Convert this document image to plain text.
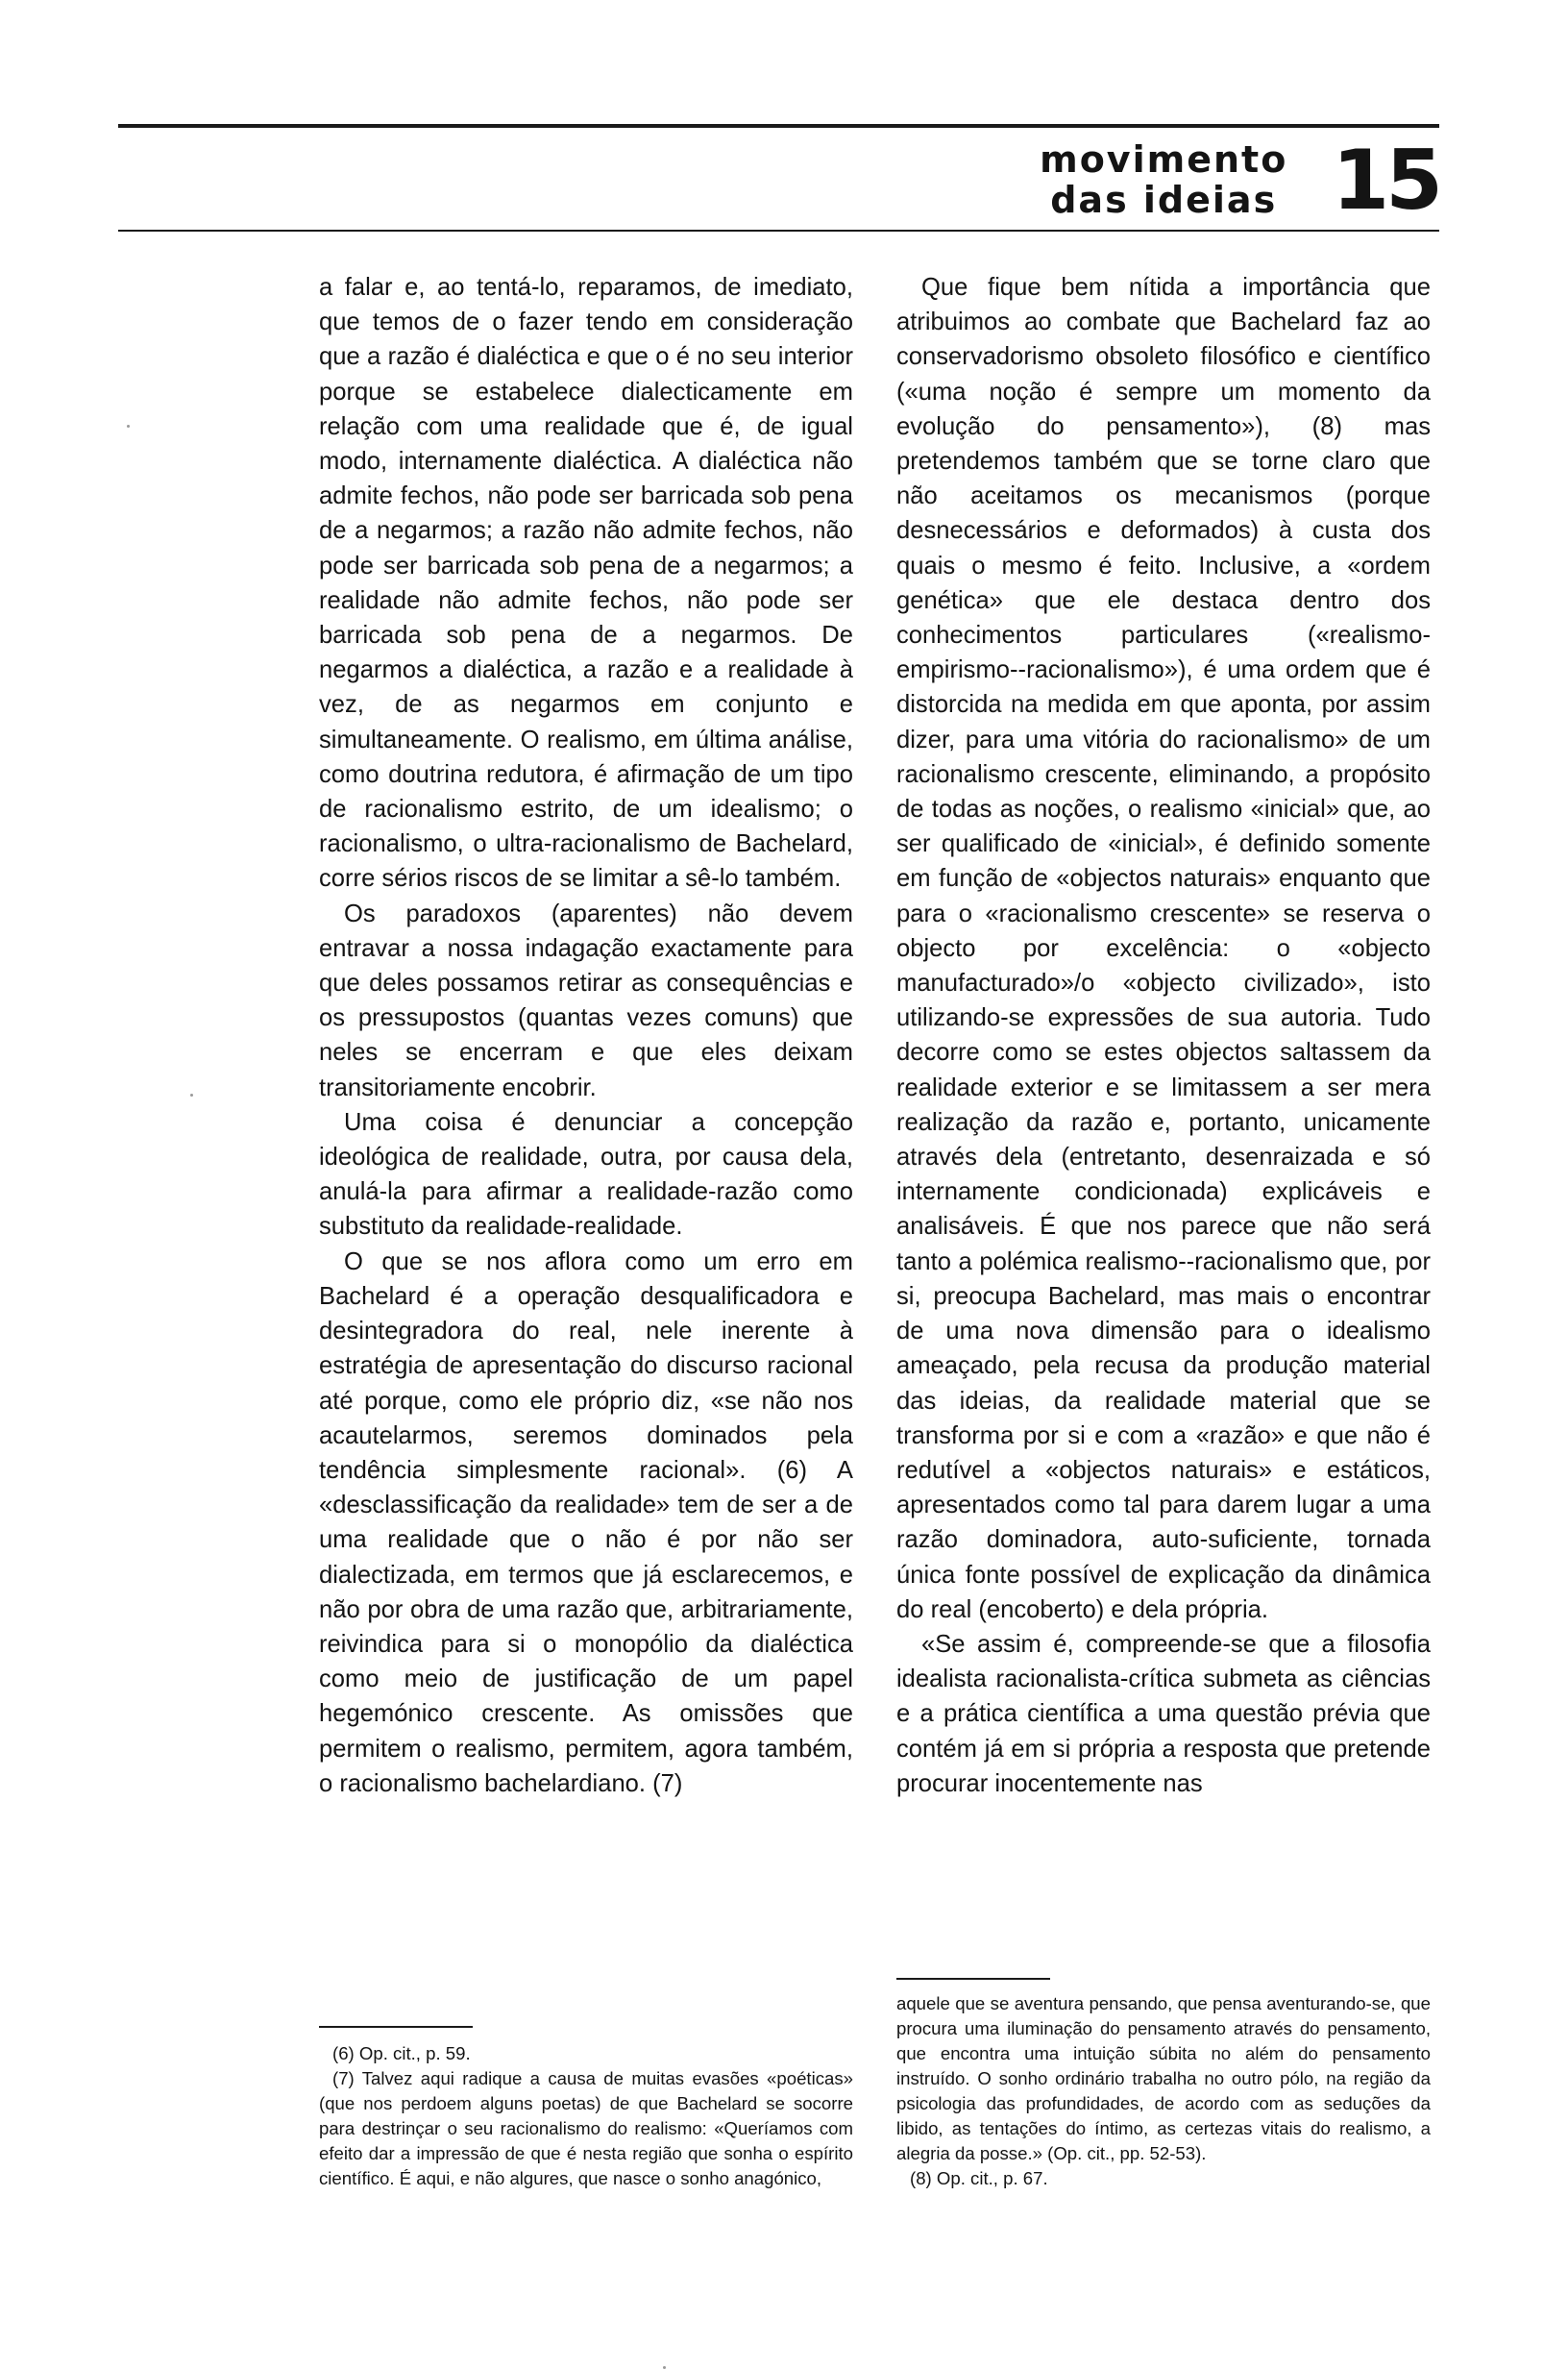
movimento
das ideias 15

a falar e, ao tentá-lo, reparamos, de imediato, que temos de o fazer tendo em consideração que a razão é dialéctica e que o é no seu interior porque se estabelece dialecticamente em relação com uma realidade que é, de igual modo, internamente dialéctica. A dialéctica não admite fechos, não pode ser barricada sob pena de a negarmos; a razão não admite fechos, não pode ser barricada sob pena de a negarmos; a realidade não admite fechos, não pode ser barricada sob pena de a negarmos. De negarmos a dialéctica, a razão e a realidade à vez, de as negarmos em conjunto e simultaneamente. O realismo, em última análise, como doutrina redutora, é afirmação de um tipo de racionalismo estrito, de um idealismo; o racionalismo, o ultra-racionalismo de Bachelard, corre sérios riscos de se limitar a sê-lo também.

Os paradoxos (aparentes) não devem entravar a nossa indagação exactamente para que deles possamos retirar as consequências e os pressupostos (quantas vezes comuns) que neles se encerram e que eles deixam transitoriamente encobrir.

Uma coisa é denunciar a concepção ideológica de realidade, outra, por causa dela, anulá-la para afirmar a realidade-razão como substituto da realidade-realidade.

O que se nos aflora como um erro em Bachelard é a operação desqualificadora e desintegradora do real, nele inerente à estratégia de apresentação do discurso racional até porque, como ele próprio diz, «se não nos acautelarmos, seremos dominados pela tendência simplesmente racional». (6) A «desclassificação da realidade» tem de ser a de uma realidade que o não é por não ser dialectizada, em termos que já esclarecemos, e não por obra de uma razão que, arbitrariamente, reivindica para si o monopólio da dialéctica como meio de justificação de um papel hegemónico crescente. As omissões que permitem o realismo, permitem, agora também, o racionalismo bachelardiano. (7)

Que fique bem nítida a importância que atribuimos ao combate que Bachelard faz ao conservadorismo obsoleto filosófico e científico («uma noção é sempre um momento da evolução do pensamento»), (8) mas pretendemos também que se torne claro que não aceitamos os mecanismos (porque desnecessários e deformados) à custa dos quais o mesmo é feito. Inclusive, a «ordem genética» que ele destaca dentro dos conhecimentos particulares («realismo-empirismo--racionalismo»), é uma ordem que é distorcida na medida em que aponta, por assim dizer, para uma vitória do racionalismo» de um racionalismo crescente, eliminando, a propósito de todas as noções, o realismo «inicial» que, ao ser qualificado de «inicial», é definido somente em função de «objectos naturais» enquanto que para o «racionalismo crescente» se reserva o objecto por excelência: o «objecto manufacturado»/o «objecto civilizado», isto utilizando-se expressões de sua autoria. Tudo decorre como se estes objectos saltassem da realidade exterior e se limitassem a ser mera realização da razão e, portanto, unicamente através dela (entretanto, desenraizada e só internamente condicionada) explicáveis e analisáveis. É que nos parece que não será tanto a polémica realismo--racionalismo que, por si, preocupa Bachelard, mas mais o encontrar de uma nova dimensão para o idealismo ameaçado, pela recusa da produção material das ideias, da realidade material que se transforma por si e com a «razão» e que não é redutível a «objectos naturais» e estáticos, apresentados como tal para darem lugar a uma razão dominadora, auto-suficiente, tornada única fonte possível de explicação da dinâmica do real (encoberto) e dela própria.

«Se assim é, compreende-se que a filosofia idealista racionalista-crítica submeta as ciências e a prática científica a uma questão prévia que contém já em si própria a resposta que pretende procurar inocentemente nas

aquele que se aventura pensando, que pensa aventurando-se, que procura uma iluminação do pensamento através do pensamento, que encontra uma intuição súbita no além do pensamento instruído. O sonho ordinário trabalha no outro pólo, na região da psicologia das profundidades, de acordo com as seduções da libido, as tentações do íntimo, as certezas vitais do realismo, a alegria da posse.» (Op. cit., pp. 52-53).

(8) Op. cit., p. 67.

(6) Op. cit., p. 59.

(7) Talvez aqui radique a causa de muitas evasões «poéticas» (que nos perdoem alguns poetas) de que Bachelard se socorre para destrinçar o seu racionalismo do realismo: «Queríamos com efeito dar a impressão de que é nesta região que sonha o espírito científico. É aqui, e não algures, que nasce o sonho anagónico,
